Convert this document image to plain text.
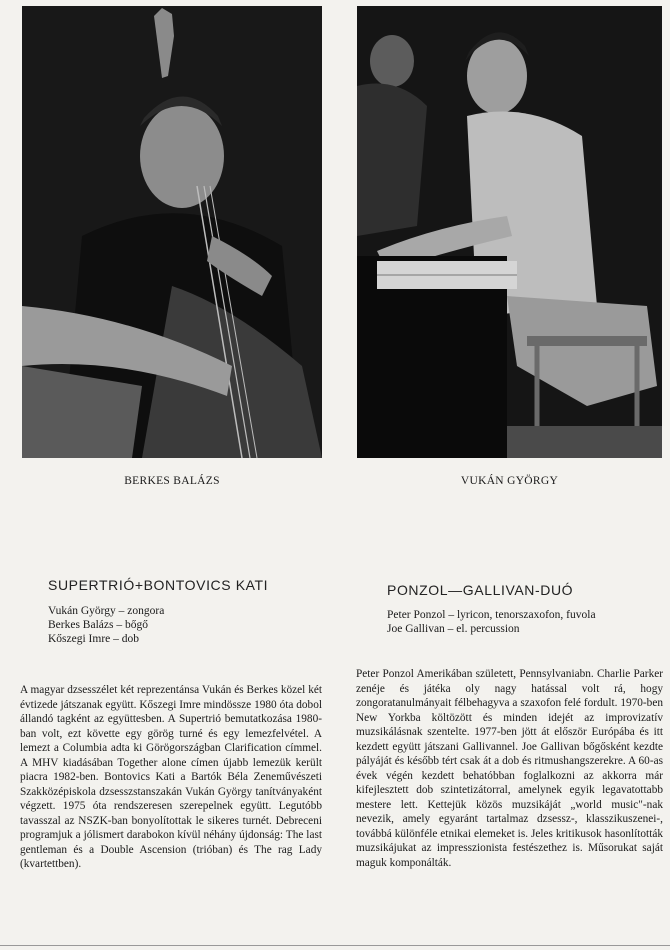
BERKES BALÁZS	VUKÁN GYÖRGY
SUPERTRIÓ+BONTOVICS KATI
Vukán György – zongora
Berkes Balázs – bőgő
Kőszegi Imre – dob

A magyar dzsesszélet két reprezentánsa Vukán és Berkes közel két évtizede játszanak együtt. Kőszegi Imre mindössze 1980 óta dobol állandó tagként az együttesben. A Supertrió bemutatkozása 1980-ban volt, ezt követte egy görög turné és egy lemezfelvétel. A lemezt a Columbia adta ki Görögországban Clarification címmel. A MHV kiadásában Together alone címen újabb lemezük került piacra 1982-ben. Bontovics Kati a Bartók Béla Zeneművészeti Szakközépiskola dzsesszstanszakán Vukán György tanítványaként végzett. 1975 óta rendszeresen szerepelnek együtt. Legutóbb tavasszal az NSZK-ban bonyolítottak le sikeres turnét. Debreceni programjuk a jólismert darabokon kívül néhány újdonság: The last gentleman és a Double Ascension (trióban) és The rag Lady (kvartettben).

PONZOL—GALLIVAN-DUÓ
Peter Ponzol – lyricon, tenorszaxofon, fuvola
Joe Gallivan – el. percussion

Peter Ponzol Amerikában született, Pennsylvaniabn. Charlie Parker zenéje és játéka oly nagy hatással volt rá, hogy zongoratanulmányait félbehagyva a szaxofon felé fordult. 1970-ben New Yorkba költözött és minden idejét az improvizatív muzsikálásnak szentelte. 1977-ben jött át először Európába és itt kezdett együtt játszani Gallivannel. Joe Gallivan bőgősként kezdte pályáját és később tért csak át a dob és ritmushangszerekre. A 60-as évek végén kezdett behatóbban foglalkozni az akkorra már kifejlesztett dob szintetizátorral, amelynek egyik legavatottabb mestere lett. Kettejük közös muzsikáját „world music"-nak nevezik, amely egyaránt tartalmaz dzsessz-, klasszikuszenei-, továbbá különféle etnikai elemeket is. Jeles kritikusok hasonlították muzsikájukat az impresszionista festészethez is. Műsorukat saját maguk komponálták.
